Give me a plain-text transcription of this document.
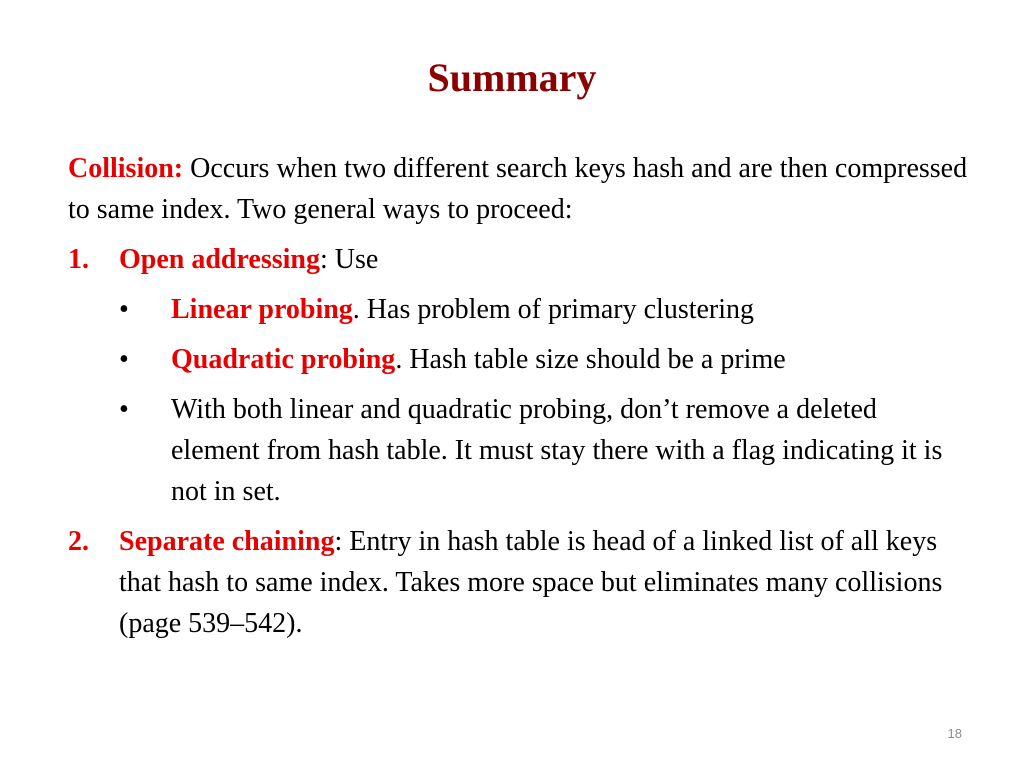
Summary

Collision: Occurs when two different search keys hash and are then compressed to same index. Two general ways to proceed:

1. Open addressing: Use
• Linear probing. Has problem of primary clustering
• Quadratic probing. Hash table size should be a prime
• With both linear and quadratic probing, don’t remove a deleted element from hash table. It must stay there with a flag indicating it is not in set.
2. Separate chaining: Entry in hash table is head of a linked list of all keys that hash to same index. Takes more space but eliminates many collisions (page 539–542).
18
